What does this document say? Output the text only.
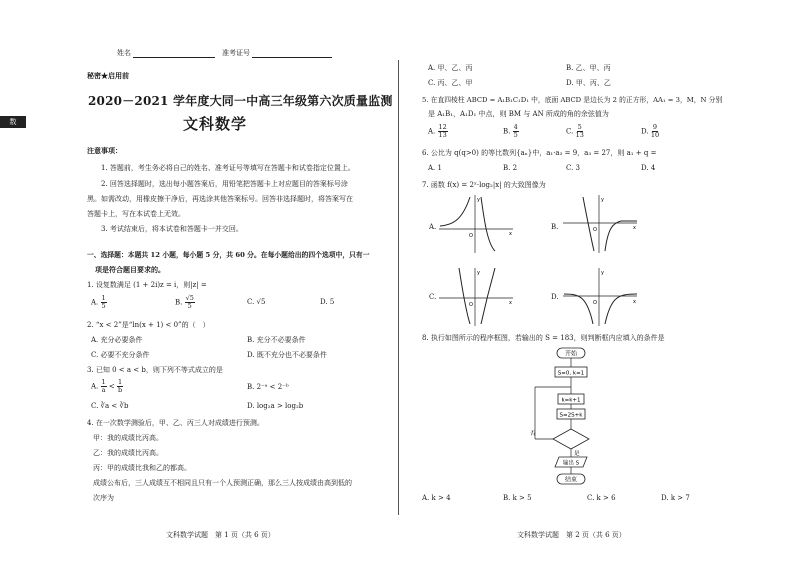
数
姓名	准考证号
秘密★启用前
2020－2021 学年度大同一中高三年级第六次质量监测
文科数学
注意事项：
1. 答题前，考生务必将自己的姓名、准考证号等填写在答题卡和试卷指定位置上。
2. 回答选择题时，选出每小题答案后，用铅笔把答题卡上对应题目的答案标号涂
黑。如需改动，用橡皮擦干净后，再选涂其他答案标号。回答非选择题时，将答案写在
答题卡上，写在本试卷上无效。
3. 考试结束后，将本试卷和答题卡一并交回。
一、选择题：本题共 12 小题，每小题 5 分，共 60 分。在每小题给出的四个选项中，只有一
项是符合题目要求的。
1. 设复数满足 (1 + 2i)z = i，则|z| =
A. $\frac{1}{5}$	B. $\frac{√5}{5}$	C. √5	D. 5
2. “x < 2”是“ln(x + 1) < 0”的（　）
A. 充分必要条件	B. 充分不必要条件
C. 必要不充分条件	D. 既不充分也不必要条件
3. 已知 0 < a < b，则下列不等式成立的是
A. $\frac{1}{a} < \frac{1}{b}$	B. 2⁻ᵃ < 2⁻ᵇ
C. ∛a < ∛b	D. log₂a > log₂b
4. 在一次数学测验后，甲、乙、丙三人对成绩进行预测。
甲：我的成绩比丙高。
乙：我的成绩比丙高。
丙：甲的成绩比我和乙的都高。
成绩公布后，三人成绩互不相同且只有一个人预测正确，那么三人按成绩由高到低的
次序为
文科数学试题　第 1 页（共 6 页）
A. 甲、乙、丙	B. 乙、甲、丙
C. 丙、乙、甲	D. 甲、丙、乙
5. 在直四棱柱 ABCD = A₁B₁C₁D₁ 中，底面 ABCD 是边长为 2 的正方形，AA₁ = 3，M，N 分别
是 A₁B₁，A₁D₁ 中点，则 BM 与 AN 所成的角的余弦值为
A. $\frac{12}{13}$	B. $\frac{4}{5}$	C. $\frac{5}{13}$	D. $\frac{9}{10}$
6. 公比为 q(q>0) 的等比数列{aₙ}中，a₁·a₃ = 9，a₃ = 27，则 a₁ + q =
A. 1	B. 2	C. 3	D. 4
7. 函数 f(x) = 2ˣ·log₂|x| 的大致图像为
A.
y
x
O
B.
y
x
O
C.
y
x
O
D.
y
x
O
8. 执行如图所示的程序框图，若输出的 S = 183，则判断框内应填入的条件是
开始
S=0, k=1
k=k+1
S=2S+k
否
是
输出 S
结束
A. k > 4	B. k > 5	C. k > 6	D. k > 7
文科数学试题　第 2 页（共 6 页）
